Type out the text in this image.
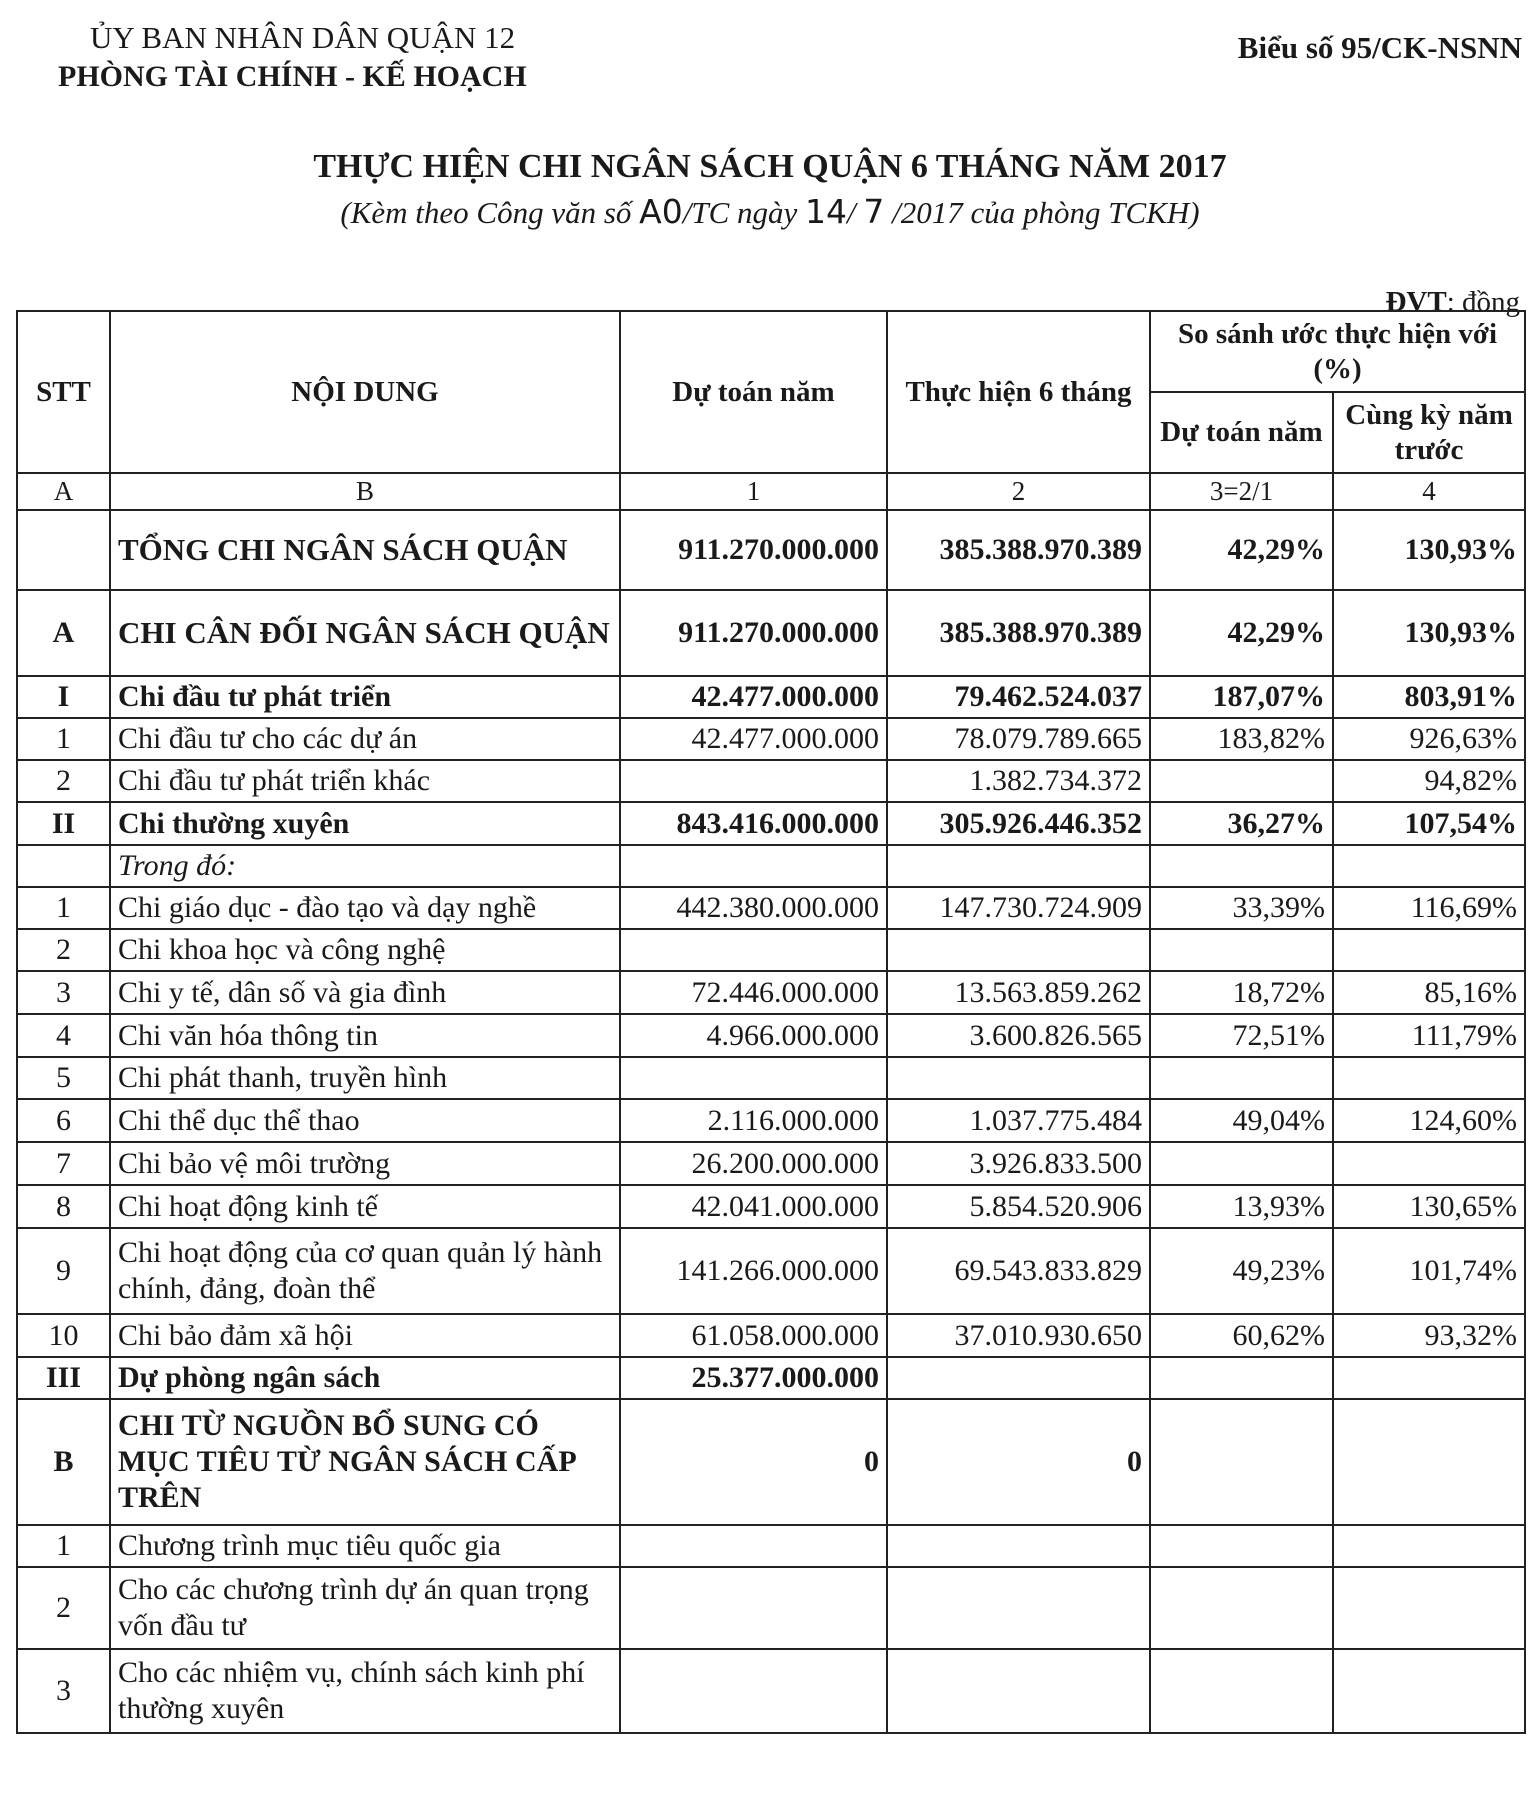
ỦY BAN NHÂN DÂN QUẬN 12
PHÒNG TÀI CHÍNH - KẾ HOẠCH
Biểu số 95/CK-NSNN
THỰC HIỆN CHI NGÂN SÁCH QUẬN 6 THÁNG NĂM 2017
(Kèm theo Công văn số A0/TC ngày 14/ 7 /2017 của phòng TCKH)
ĐVT: đồng
STT	NỘI DUNG	Dự toán năm	Thực hiện 6 tháng	So sánh ước thực hiện với (%)	
				Dự toán năm	Cùng kỳ năm trước
A	B	1	2	3=2/1	4
	TỔNG CHI NGÂN SÁCH QUẬN	911.270.000.000	385.388.970.389	42,29%	130,93%
A	CHI CÂN ĐỐI NGÂN SÁCH QUẬN	911.270.000.000	385.388.970.389	42,29%	130,93%
I	Chi đầu tư phát triển	42.477.000.000	79.462.524.037	187,07%	803,91%
1	Chi đầu tư cho các dự án	42.477.000.000	78.079.789.665	183,82%	926,63%
2	Chi đầu tư phát triển khác		1.382.734.372		94,82%
II	Chi thường xuyên	843.416.000.000	305.926.446.352	36,27%	107,54%
	Trong đó:				
1	Chi giáo dục - đào tạo và dạy nghề	442.380.000.000	147.730.724.909	33,39%	116,69%
2	Chi khoa học và công nghệ				
3	Chi y tế, dân số và gia đình	72.446.000.000	13.563.859.262	18,72%	85,16%
4	Chi văn hóa thông tin	4.966.000.000	3.600.826.565	72,51%	111,79%
5	Chi phát thanh, truyền hình				
6	Chi thể dục thể thao	2.116.000.000	1.037.775.484	49,04%	124,60%
7	Chi bảo vệ môi trường	26.200.000.000	3.926.833.500		
8	Chi hoạt động kinh tế	42.041.000.000	5.854.520.906	13,93%	130,65%
9	Chi hoạt động của cơ quan quản lý hành chính, đảng, đoàn thể	141.266.000.000	69.543.833.829	49,23%	101,74%
10	Chi bảo đảm xã hội	61.058.000.000	37.010.930.650	60,62%	93,32%
III	Dự phòng ngân sách	25.377.000.000			
B	CHI TỪ NGUỒN BỔ SUNG CÓ MỤC TIÊU TỪ NGÂN SÁCH CẤP TRÊN	0	0		
1	Chương trình mục tiêu quốc gia				
2	Cho các chương trình dự án quan trọng vốn đầu tư				
3	Cho các nhiệm vụ, chính sách kinh phí thường xuyên				
